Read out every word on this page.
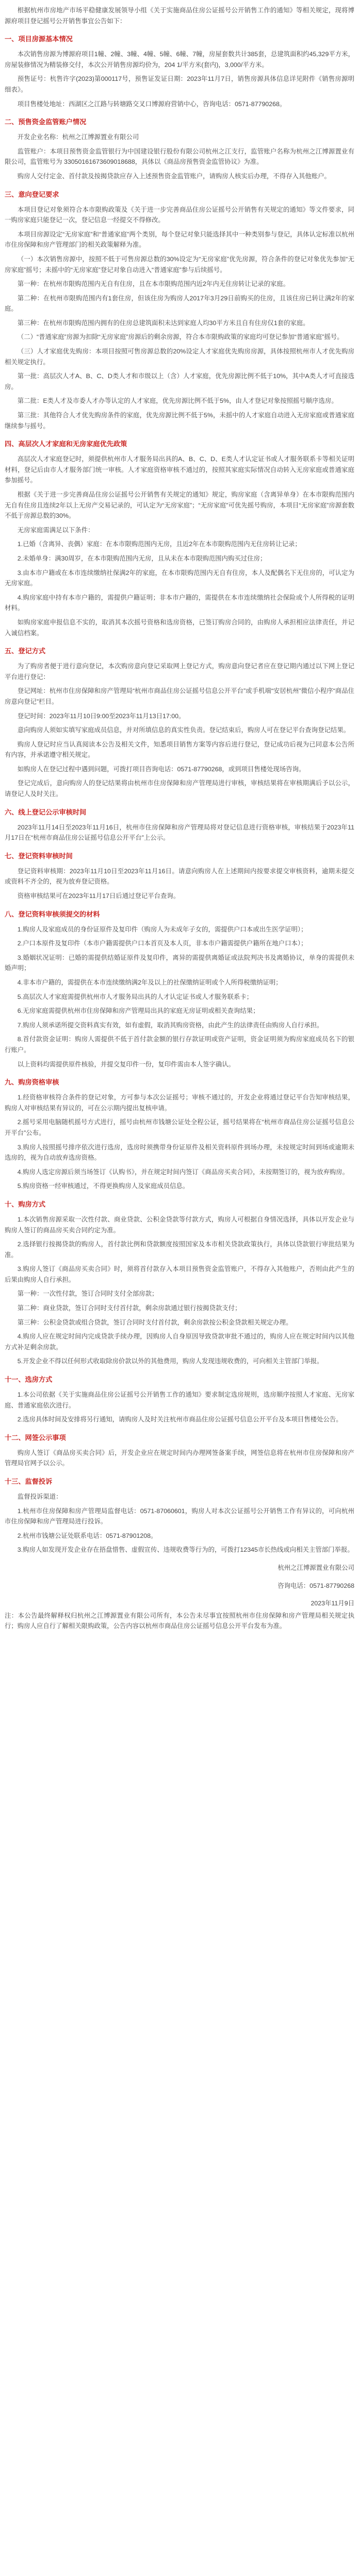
根据杭州市房地产市场平稳健康发展领导小组《关于实施商品住房公证摇号公开销售工作的通知》等相关规定，现将博源府项目登记摇号公开销售事宜公告如下：

一、项目房源基本情况

本次销售房源为博源府项目1幢、2幢、3幢、4幢、5幢、6幢、7幢，房屋套数共计385套，总建筑面积约45,329平方米，房屋装修情况为精装修交付，本次公开销售房源均价为，204 1/平方米(套内)，3,000/平方米。

预售证号：杭售许字(2023)第000117号，预售证发证日期：2023年11月7日，销售房源具体信息详见附件《销售房源明细表》。

项目售楼处地址：西湖区之江路与转塘路交叉口博源府营销中心，咨询电话：0571-87790268。

二、预售资金监管账户情况

开发企业名称：杭州之江博源置业有限公司

监管账户：本项目预售资金监管银行为中国建设银行股份有限公司杭州之江支行，监管账户名称为杭州之江博源置业有限公司，监管账号为 33050161673609018688，具体以《商品房预售资金监管协议》为准。

购房人交付定金、首付款及按揭贷款应存入上述预售资金监管账户，请购房人核实后办理，不得存入其他账户。

三、意向登记要求

本项目登记对象须符合本市限购政策及《关于进一步完善商品住房公证摇号公开销售有关规定的通知》等文件要求，同一购房家庭只能登记一次，登记信息一经提交不得修改。

本项目房源设定“无房家庭”和“普通家庭”两个类别，每个登记对象只能选择其中一种类别参与登记，具体认定标准以杭州市住房保障和房产管理部门的相关政策解释为准。

（一）本次销售房源中，按照不低于可售房源总数的30%设定为“无房家庭”优先房源，符合条件的登记对象优先参加“无房家庭”摇号；未摇中的“无房家庭”登记对象自动进入“普通家庭”参与后续摇号。

第一种：在杭州市限购范围内无自有住房，且在本市限购范围内近2年内无住房转让记录的家庭。

第二种：在杭州市限购范围内有1套住房，但该住房为购房人2017年3月29日前购买的住房，且该住房已转让满2年的家庭。

第三种：在杭州市限购范围内拥有的住房总建筑面积未达到家庭人均30平方米且自有住房仅1套的家庭。

（二）“普通家庭”房源为扣除“无房家庭”房源后的剩余房源，符合本市限购政策的家庭均可登记参加“普通家庭”摇号。

（三）人才家庭优先购房：本项目按照可售房源总数的20%设定人才家庭优先购房房源，具体按照杭州市人才优先购房相关规定执行。

第一批：高层次人才A、B、C、D类人才和市级以上（含）人才家庭，优先房源比例不低于10%，其中A类人才可直接选房。

第二批：E类人才及市委人才办等认定的人才家庭，优先房源比例不低于5%，由人才登记对象按照摇号顺序选房。

第三批：其他符合人才优先购房条件的家庭，优先房源比例不低于5%，未摇中的人才家庭自动进入无房家庭或普通家庭继续参与摇号。

四、高层次人才家庭和无房家庭优先政策

高层次人才家庭登记时，须提供杭州市人才服务局出具的A、B、C、D、E类人才认定证书或人才服务联系卡等相关证明材料，登记后由市人才服务部门统一审核。人才家庭资格审核不通过的，按照其家庭实际情况自动转入无房家庭或普通家庭参加摇号。

根据《关于进一步完善商品住房公证摇号公开销售有关规定的通知》规定，购房家庭（含离异单身）在本市限购范围内无自有住房且连续2年以上无房产交易记录的，可认定为“无房家庭”；“无房家庭”可优先摇号购房，本项目“无房家庭”房源套数不低于房源总数的30%。

无房家庭需满足以下条件：

1.已婚（含离异、丧偶）家庭：在本市限购范围内无房，且近2年在本市限购范围内无住房转让记录；

2.未婚单身：满30周岁，在本市限购范围内无房，且从未在本市限购范围内购买过住房；

3.由本市户籍或在本市连续缴纳社保满2年的家庭，在本市限购范围内无自有住房，本人及配偶名下无住房的，可认定为无房家庭。

4.购房家庭中持有本市户籍的，需提供户籍证明；非本市户籍的，需提供在本市连续缴纳社会保险或个人所得税的证明材料。

如购房家庭申报信息不实的，取消其本次摇号资格和选房资格，已签订购房合同的，由购房人承担相应法律责任，并记入诚信档案。

五、登记方式

为了购房者便于进行意向登记，本次购房意向登记采取网上登记方式，购房意向登记者应在登记期内通过以下网上登记平台进行登记：

登记网址：杭州市住房保障和房产管理局“杭州市商品住房公证摇号信息公开平台”或手机端“安居杭州”微信小程序“商品住房意向登记”栏目。

登记时间：2023年11月10日9:00至2023年11月13日17:00。

意向购房人须如实填写家庭成员信息，并对所填信息的真实性负责。登记结束后，购房人可在登记平台查询登记结果。

购房人登记时应当认真阅读本公告及相关文件，知悉项目销售方案等内容后进行登记，登记成功后视为已同意本公告所有内容，并承诺遵守相关规定。

如购房人在登记过程中遇到问题，可拨打项目咨询电话：0571-87790268，或到项目售楼处现场咨询。

登记完成后，意向购房人的登记结果将由杭州市住房保障和房产管理局进行审核，审核结果将在审核期满后予以公示，请登记人及时关注。

六、线上登记公示审核时间

2023年11月14日至2023年11月16日，杭州市住房保障和房产管理局将对登记信息进行资格审核，审核结果于2023年11月17日在“杭州市商品住房公证摇号信息公开平台”上公示。

七、登记资料审核时间

登记资料审核期：2023年11月10日至2023年11月16日。请意向购房人在上述期间内按要求提交审核资料，逾期未提交或资料不齐全的，视为放弃登记资格。

资格审核结果可在2023年11月17日后通过登记平台查询。

八、登记资料审核须提交的材料

1.购房人及家庭成员的身份证原件及复印件（购房人为未成年子女的，需提供户口本或出生医学证明）；

2.户口本原件及复印件（本市户籍需提供户口本首页及本人页，非本市户籍需提供户籍所在地户口本）；

3.婚姻状况证明：已婚的需提供结婚证原件及复印件，离异的需提供离婚证或法院判决书及离婚协议，单身的需提供未婚声明；

4.非本市户籍的，需提供在本市连续缴纳满2年及以上的社保缴纳证明或个人所得税缴纳证明；

5.高层次人才家庭需提供杭州市人才服务局出具的人才认定证书或人才服务联系卡；

6.无房家庭需提供杭州市住房保障和房产管理局出具的家庭无房证明或相关查询结果；

7.购房人须承诺所提交资料真实有效，如有虚假，取消其购房资格，由此产生的法律责任由购房人自行承担。

8.首付款资金证明：购房人需提供不低于首付款金额的银行存款证明或资产证明，资金证明须为购房家庭成员名下的银行账户。

以上资料均需提供原件核验，并提交复印件一份，复印件需由本人签字确认。

九、购房资格审核

1.经资格审核符合条件的登记对象，方可参与本次公证摇号；审核不通过的，开发企业将通过登记平台告知审核结果，购房人对审核结果有异议的，可在公示期内提出复核申请。

2.摇号采用电脑随机摇号方式进行，摇号由杭州市钱塘公证处全程公证，摇号结果将在“杭州市商品住房公证摇号信息公开平台”公布。

3.购房人按照摇号排序依次进行选房，选房时须携带身份证原件及相关资料原件到场办理，未按规定时间到场或逾期未选房的，视为自动放弃选房资格。

4.购房人选定房源后须当场签订《认购书》，并在规定时间内签订《商品房买卖合同》，未按期签订的，视为放弃购房。

5.购房资格一经审核通过，不得更换购房人及家庭成员信息。

十、购房方式

1.本次销售房源采取一次性付款、商业贷款、公积金贷款等付款方式，购房人可根据自身情况选择，具体以开发企业与购房人签订的商品房买卖合同约定为准。

2.选择银行按揭贷款的购房人，首付款比例和贷款额度按照国家及本市相关贷款政策执行，具体以贷款银行审批结果为准。

3.购房人签订《商品房买卖合同》时，须将首付款存入本项目预售资金监管账户，不得存入其他账户，否则由此产生的后果由购房人自行承担。

第一种：一次性付款，签订合同时支付全部房款；

第二种：商业贷款，签订合同时支付首付款，剩余房款通过银行按揭贷款支付；

第三种：公积金贷款或组合贷款，签订合同时支付首付款，剩余房款按公积金贷款相关规定办理。

4.购房人应在规定时间内完成贷款手续办理，因购房人自身原因导致贷款审批不通过的，购房人应在规定时间内以其他方式补足剩余房款。

5.开发企业不得以任何形式收取除房价款以外的其他费用，购房人发现违规收费的，可向相关主管部门举报。

十一、选房方式

1.本公司依据《关于实施商品住房公证摇号公开销售工作的通知》要求制定选房规则，选房顺序按照人才家庭、无房家庭、普通家庭依次进行。

2.选房具体时间及安排将另行通知，请购房人及时关注杭州市商品住房公证摇号信息公开平台及本项目售楼处公告。

十二、网签公示事项

购房人签订《商品房买卖合同》后，开发企业应在规定时间内办理网签备案手续，网签信息将在杭州市住房保障和房产管理局官网予以公示。

十三、监督投诉

监督投诉渠道：

1.杭州市住房保障和房产管理局监督电话：0571-87060601，购房人对本次公证摇号公开销售工作有异议的，可向杭州市住房保障和房产管理局进行投诉。

2.杭州市钱塘公证处联系电话：0571-87901208。

3.购房人如发现开发企业存在捂盘惜售、虚假宣传、违规收费等行为的，可拨打12345市长热线或向相关主管部门举报。

杭州之江博源置业有限公司
咨询电话：0571-87790268
2023年11月9日

注：本公告最终解释权归杭州之江博源置业有限公司所有，本公告未尽事宜按照杭州市住房保障和房产管理局相关规定执行；购房人应自行了解相关限购政策，公告内容以杭州市商品住房公证摇号信息公开平台发布为准。
